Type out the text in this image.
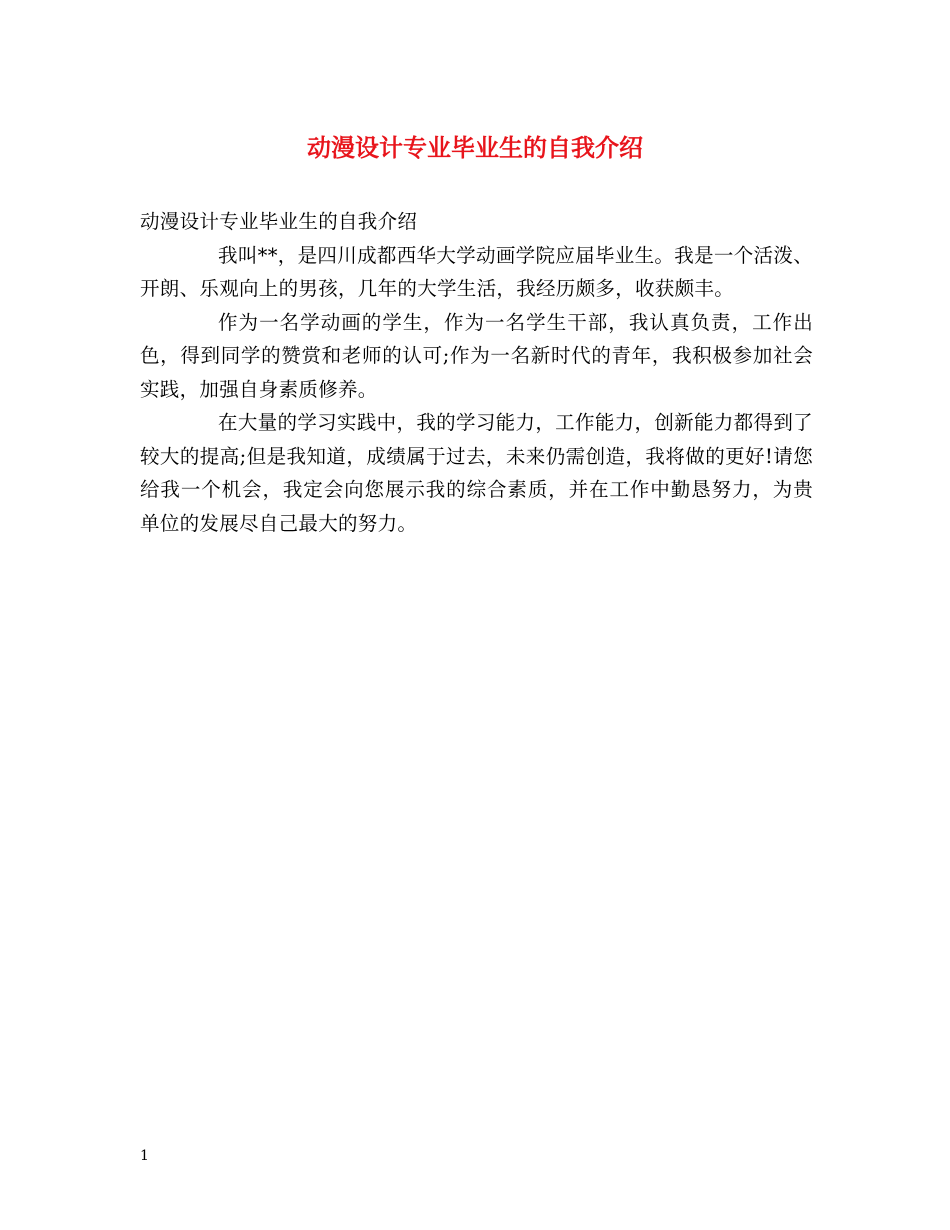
动漫设计专业毕业生的自我介绍

动漫设计专业毕业生的自我介绍

我叫**，是四川成都西华大学动画学院应届毕业生。我是一个活泼、开朗、乐观向上的男孩，几年的大学生活，我经历颇多，收获颇丰。

作为一名学动画的学生，作为一名学生干部，我认真负责，工作出色，得到同学的赞赏和老师的认可;作为一名新时代的青年，我积极参加社会实践，加强自身素质修养。

在大量的学习实践中，我的学习能力，工作能力，创新能力都得到了较大的提高;但是我知道，成绩属于过去，未来仍需创造，我将做的更好!请您给我一个机会，我定会向您展示我的综合素质，并在工作中勤恳努力，为贵单位的发展尽自己最大的努力。

1
